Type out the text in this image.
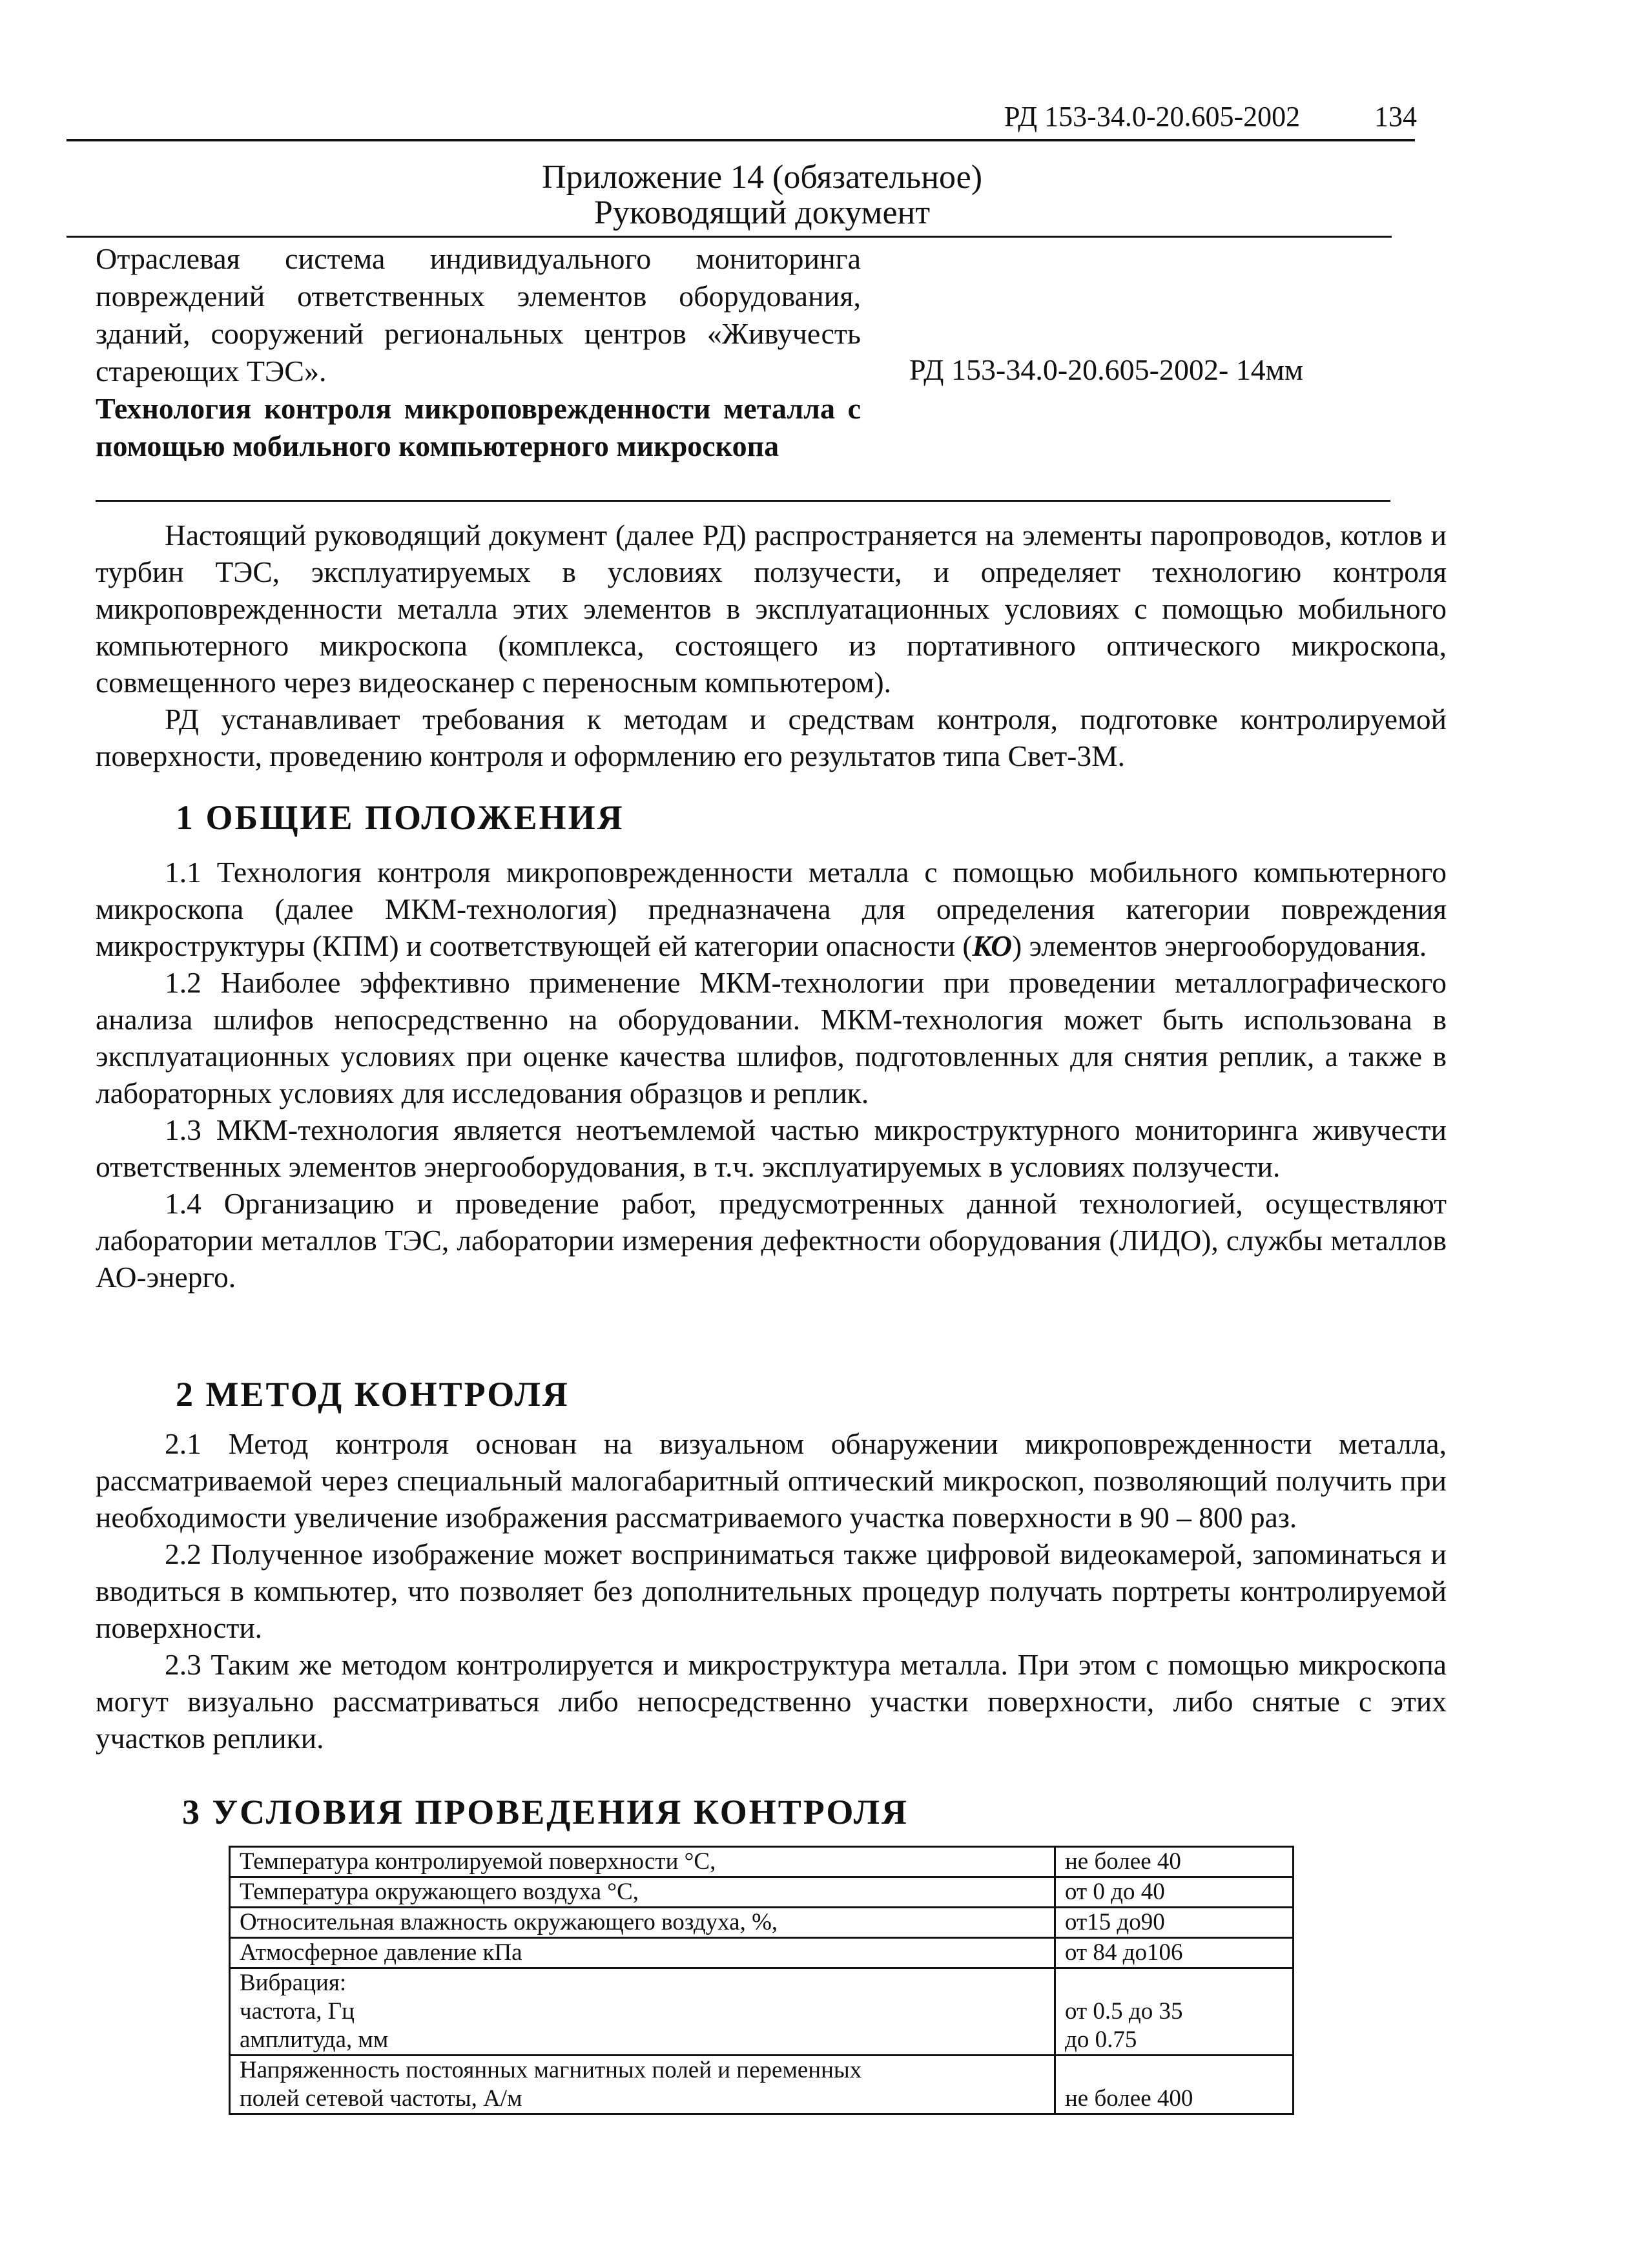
РД 153-34.0-20.605-2002	134
Приложение 14 (обязательное)
Руководящий документ
Отраслевая система индивидуального мониторинга повреждений ответственных элементов оборудования, зданий, сооружений региональных центров «Живучесть стареющих ТЭС».
Технология контроля микроповрежденности металла с помощью мобильного компьютерного микроскопа
РД 153-34.0-20.605-2002- 14мм

Настоящий руководящий документ (далее РД) распространяется на элементы паропроводов, котлов и турбин ТЭС, эксплуатируемых в условиях ползучести, и определяет технологию контроля микроповрежденности металла этих элементов в эксплуатационных условиях с помощью мобильного компьютерного микроскопа (комплекса, состоящего из портативного оптического микроскопа, совмещенного через видеосканер с переносным компьютером).

РД устанавливает требования к методам и средствам контроля, подготовке контролируемой поверхности, проведению контроля и оформлению его результатов типа Свет-3М.

1 ОБЩИЕ ПОЛОЖЕНИЯ

1.1 Технология контроля микроповрежденности металла с помощью мобильного компьютерного микроскопа (далее МКМ-технология) предназначена для определения категории повреждения микроструктуры (КПМ) и соответствующей ей категории опасности (КО) элементов энергооборудования.

1.2 Наиболее эффективно применение МКМ-технологии при проведении металлографического анализа шлифов непосредственно на оборудовании. МКМ-технология может быть использована в эксплуатационных условиях при оценке качества шлифов, подготовленных для снятия реплик, а также в лабораторных условиях для исследования образцов и реплик.

1.3 МКМ-технология является неотъемлемой частью микроструктурного мониторинга живучести ответственных элементов энергооборудования, в т.ч. эксплуатируемых в условиях ползучести.

1.4 Организацию и проведение работ, предусмотренных данной технологией, осуществляют лаборатории металлов ТЭС, лаборатории измерения дефектности оборудования (ЛИДО), службы металлов АО-энерго.

2 МЕТОД КОНТРОЛЯ

2.1 Метод контроля основан на визуальном обнаружении микроповрежденности металла, рассматриваемой через специальный малогабаритный оптический микроскоп, позволяющий получить при необходимости увеличение изображения рассматриваемого участка поверхности в 90 – 800 раз.

2.2 Полученное изображение может восприниматься также цифровой видеокамерой, запоминаться и вводиться в компьютер, что позволяет без дополнительных процедур получать портреты контролируемой поверхности.

2.3 Таким же методом контролируется и микроструктура металла. При этом с помощью микроскопа могут визуально рассматриваться либо непосредственно участки поверхности, либо снятые с этих участков реплики.

3 УСЛОВИЯ ПРОВЕДЕНИЯ КОНТРОЛЯ
Температура контролируемой поверхности °С,	не более 40
Температура окружающего воздуха °С,	от 0 до 40
Относительная влажность окружающего воздуха, %,	от15 до90
Атмосферное давление кПа	от 84 до106

Вибрация:
частота, Гц
амплитуда, мм	от 0.5 до 35
до 0.75

Напряженность постоянных магнитных полей и переменных
полей сетевой частоты, А/м	не более 400
